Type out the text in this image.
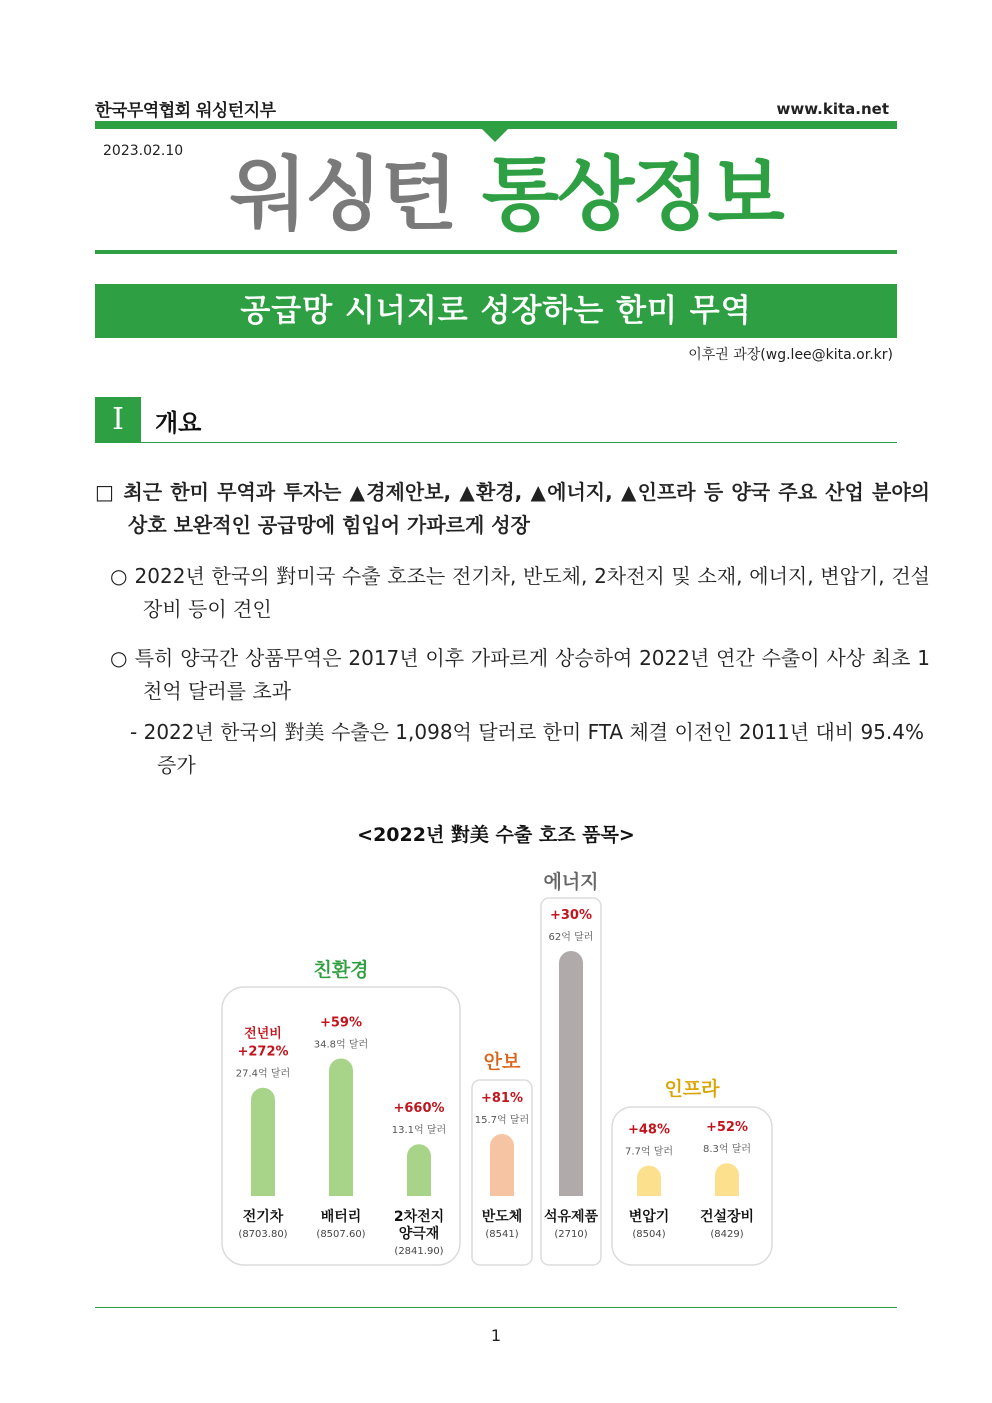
한국무역협회 워싱턴지부	www.kita.net
2023.02.10 워싱턴 통상정보
공급망 시너지로 성장하는 한미 무역
이후권 과장(wg.lee@kita.or.kr)
I	개요
□ 최근 한미 무역과 투자는 ▲경제안보, ▲환경, ▲에너지, ▲인프라 등 양국 주요 산업 분야의 상호 보완적인 공급망에 힘입어 가파르게 성장
○ 2022년 한국의 對미국 수출 호조는 전기차, 반도체, 2차전지 및 소재, 에너지, 변압기, 건설장비 등이 견인
○ 특히 양국간 상품무역은 2017년 이후 가파르게 상승하여 2022년 연간 수출이 사상 최초 1천억 달러를 초과
- 2022년 한국의 對美 수출은 1,098억 달러로 한미 FTA 체결 이전인 2011년 대비 95.4% 증가
<2022년 對美 수출 호조 품목>
친환경
안보
에너지
인프라
27.4억 달러
+272%
전년비
전기차
(8703.80)
34.8억 달러
+59%
배터리
(8507.60)
13.1억 달러
+660%
2차전지
양극재
(2841.90)
15.7억 달러
+81%
반도체
(8541)
62억 달러
+30%
석유제품
(2710)
7.7억 달러
+48%
변압기
(8504)
8.3억 달러
+52%
건설장비
(8429)
1
